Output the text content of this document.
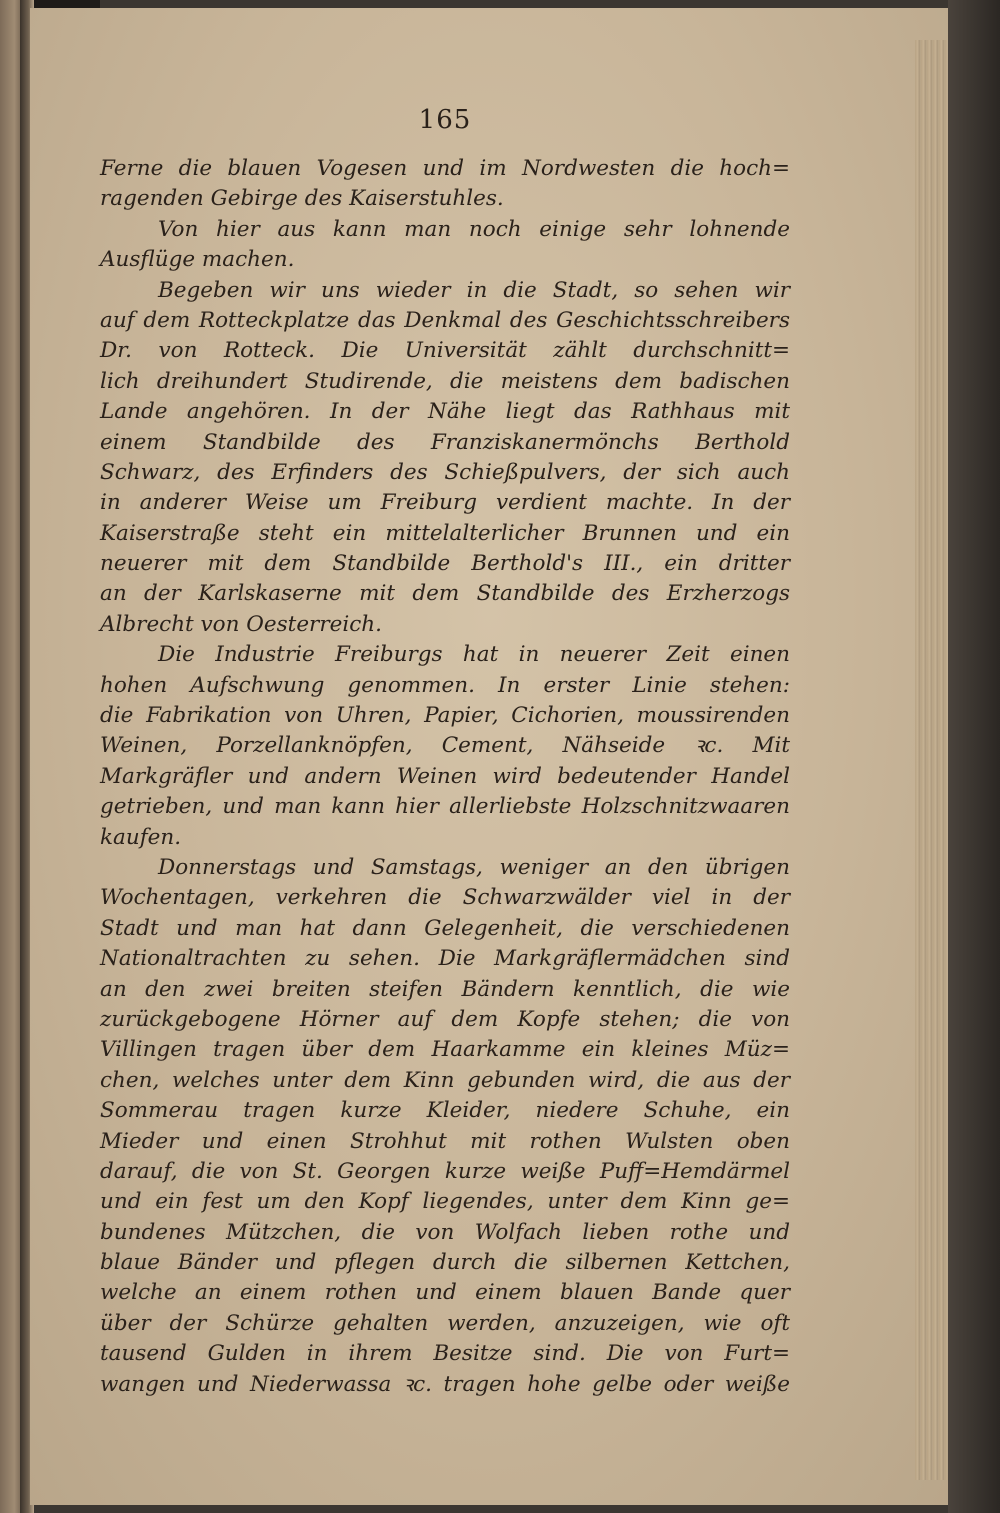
165
Ferne die blauen Vogesen und im Nordwesten die hoch=
ragenden Gebirge des Kaiserstuhles.
Von hier aus kann man noch einige sehr lohnende
Ausflüge machen.
Begeben wir uns wieder in die Stadt, so sehen wir
auf dem Rotteckplatze das Denkmal des Geschichtsschreibers
Dr. von Rotteck. Die Universität zählt durchschnitt=
lich dreihundert Studirende, die meistens dem badischen
Lande angehören. In der Nähe liegt das Rathhaus mit
einem Standbilde des Franziskanermönchs Berthold
Schwarz, des Erfinders des Schießpulvers, der sich auch
in anderer Weise um Freiburg verdient machte. In der
Kaiserstraße steht ein mittelalterlicher Brunnen und ein
neuerer mit dem Standbilde Berthold's III., ein dritter
an der Karlskaserne mit dem Standbilde des Erzherzogs
Albrecht von Oesterreich.
Die Industrie Freiburgs hat in neuerer Zeit einen
hohen Aufschwung genommen. In erster Linie stehen:
die Fabrikation von Uhren, Papier, Cichorien, moussirenden
Weinen, Porzellanknöpfen, Cement, Nähseide ꝛc. Mit
Markgräfler und andern Weinen wird bedeutender Handel
getrieben, und man kann hier allerliebste Holzschnitzwaaren
kaufen.
Donnerstags und Samstags, weniger an den übrigen
Wochentagen, verkehren die Schwarzwälder viel in der
Stadt und man hat dann Gelegenheit, die verschiedenen
Nationaltrachten zu sehen. Die Markgräflermädchen sind
an den zwei breiten steifen Bändern kenntlich, die wie
zurückgebogene Hörner auf dem Kopfe stehen; die von
Villingen tragen über dem Haarkamme ein kleines Müz=
chen, welches unter dem Kinn gebunden wird, die aus der
Sommerau tragen kurze Kleider, niedere Schuhe, ein
Mieder und einen Strohhut mit rothen Wulsten oben
darauf, die von St. Georgen kurze weiße Puff=Hemdärmel
und ein fest um den Kopf liegendes, unter dem Kinn ge=
bundenes Mützchen, die von Wolfach lieben rothe und
blaue Bänder und pflegen durch die silbernen Kettchen,
welche an einem rothen und einem blauen Bande quer
über der Schürze gehalten werden, anzuzeigen, wie oft
tausend Gulden in ihrem Besitze sind. Die von Furt=
wangen und Niederwassa ꝛc. tragen hohe gelbe oder weiße
